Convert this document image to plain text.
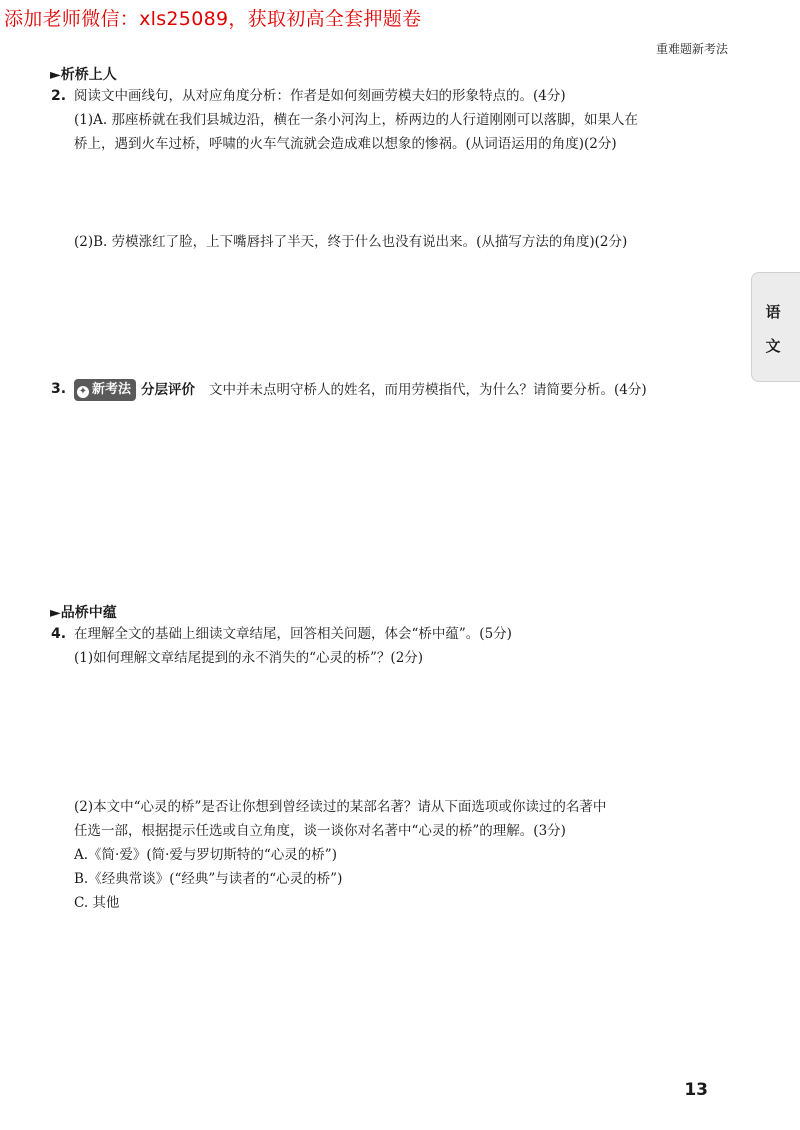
添加老师微信：xls25089，获取初高全套押题卷
重难题新考法
语
文
►析桥上人
2. 阅读文中画线句，从对应角度分析：作者是如何刻画劳模夫妇的形象特点的。(4分)
(1)A. 那座桥就在我们县城边沿，横在一条小河沟上，桥两边的人行道刚刚可以落脚，如果人在
桥上，遇到火车过桥，呼啸的火车气流就会造成难以想象的惨祸。(从词语运用的角度)(2分)
(2)B. 劳模涨红了脸，上下嘴唇抖了半天，终于什么也没有说出来。(从描写方法的角度)(2分)
3.	✦ 新考法 分层评价 文中并未点明守桥人的姓名，而用劳模指代，为什么？请简要分析。(4分)
►品桥中蕴
4. 在理解全文的基础上细读文章结尾，回答相关问题，体会“桥中蕴”。(5分)
(1)如何理解文章结尾提到的永不消失的“心灵的桥”？(2分)
(2)本文中“心灵的桥”是否让你想到曾经读过的某部名著？请从下面选项或你读过的名著中
任选一部，根据提示任选或自立角度，谈一谈你对名著中“心灵的桥”的理解。(3分)
A.《简·爱》(简·爱与罗切斯特的“心灵的桥”)
B.《经典常谈》(“经典”与读者的“心灵的桥”)
C. 其他
13
